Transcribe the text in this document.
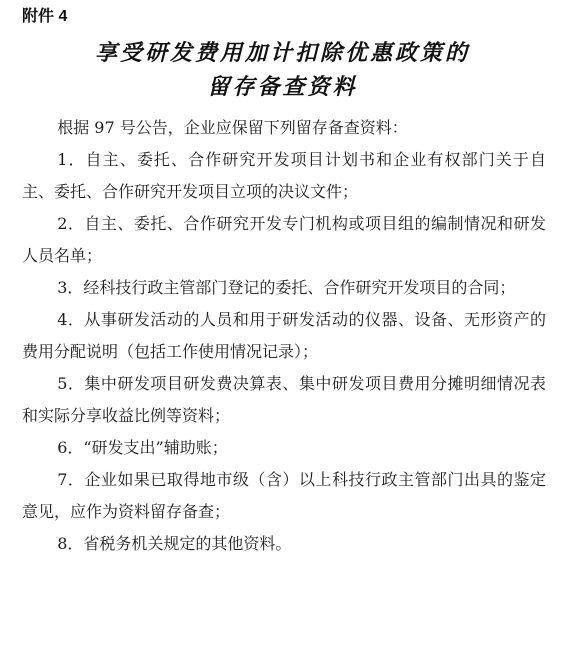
附件 4
享受研发费用加计扣除优惠政策的
留存备查资料

根据 97 号公告，企业应保留下列留存备查资料：

1．自主、委托、合作研究开发项目计划书和企业有权部门关于自主、委托、合作研究开发项目立项的决议文件；

2．自主、委托、合作研究开发专门机构或项目组的编制情况和研发人员名单；

3．经科技行政主管部门登记的委托、合作研究开发项目的合同；

4．从事研发活动的人员和用于研发活动的仪器、设备、无形资产的费用分配说明（包括工作使用情况记录）；

5．集中研发项目研发费决算表、集中研发项目费用分摊明细情况表和实际分享收益比例等资料；

6．“研发支出”辅助账；

7．企业如果已取得地市级（含）以上科技行政主管部门出具的鉴定意见，应作为资料留存备查；

8．省税务机关规定的其他资料。
